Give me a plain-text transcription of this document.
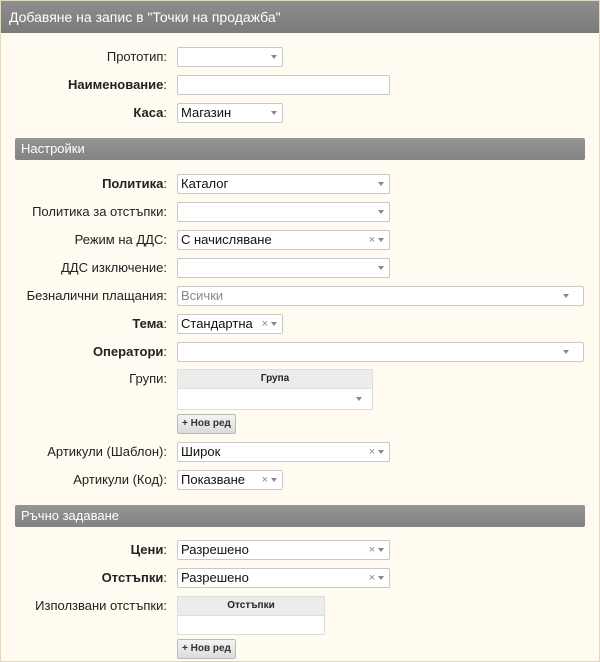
Добавяне на запис в "Точки на продажба"
Прототип:
Наименование:
Каса:	Магазин
Настройки
Политика:	Каталог
Политика за отстъпки:
Режим на ДДС:	С начисляване	×
ДДС изключение:
Безналични плащания:	Всички
Тема:	Стандартна ×
Оператори:
Групи:	Група
+ Нов ред
Артикули (Шаблон):	Широк	×
Артикули (Код):	Показване ×
Ръчно задаване
Цени:	Разрешено	×
Отстъпки:	Разрешено	×
Използвани отстъпки:	Отстъпки
+ Нов ред
